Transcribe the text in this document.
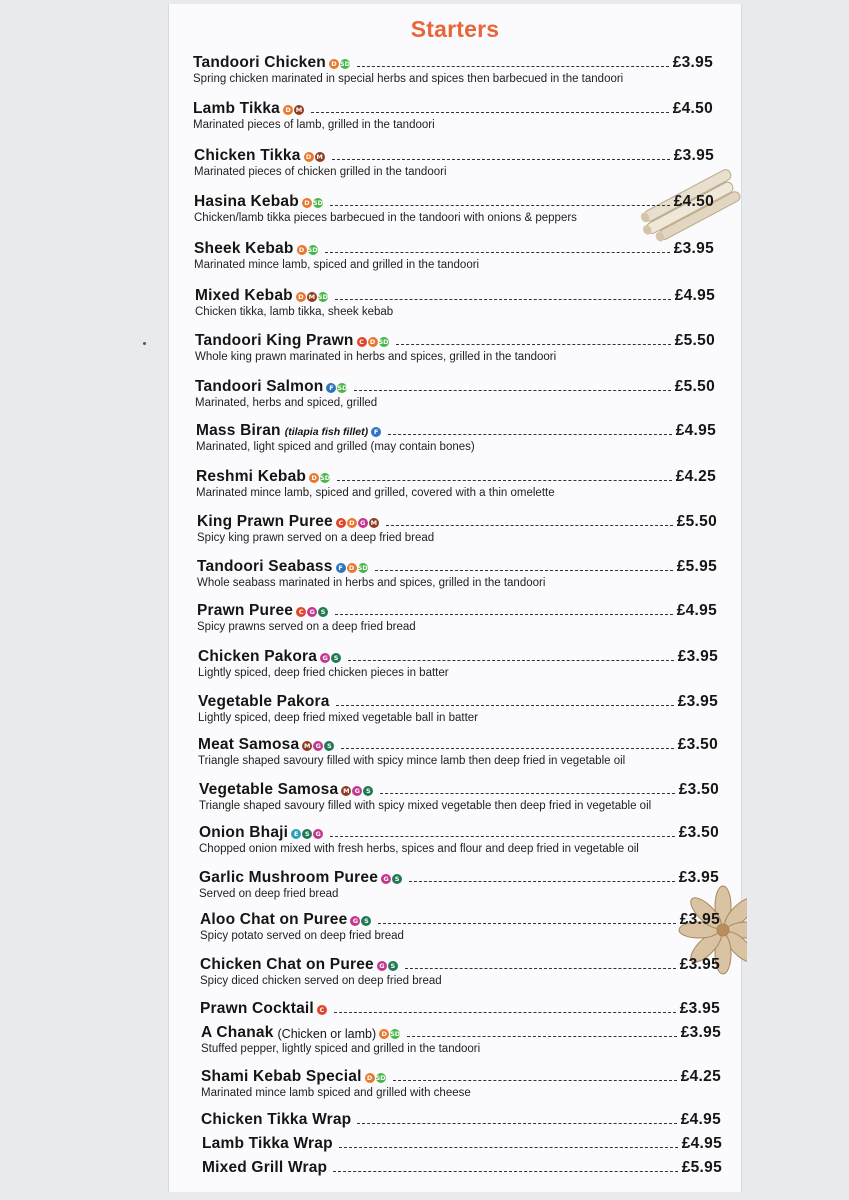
Starters
Tandoori Chicken D SD	£3.95
Spring chicken marinated in special herbs and spices then barbecued in the tandoori
Lamb Tikka D M	£4.50
Marinated pieces of lamb, grilled in the tandoori
Chicken Tikka D M	£3.95
Marinated pieces of chicken grilled in the tandoori
Hasina Kebab D SD	£4.50
Chicken/lamb tikka pieces barbecued in the tandoori with onions & peppers
Sheek Kebab D SD	£3.95
Marinated mince lamb, spiced and grilled in the tandoori
Mixed Kebab D M SD	£4.95
Chicken tikka, lamb tikka, sheek kebab
Tandoori King Prawn C D SD	£5.50
Whole king prawn marinated in herbs and spices, grilled in the tandoori
Tandoori Salmon F SD	£5.50
Marinated, herbs and spiced, grilled
Mass Biran (tilapia fish fillet) F	£4.95
Marinated, light spiced and grilled (may contain bones)
Reshmi Kebab D SD	£4.25
Marinated mince lamb, spiced and grilled, covered with a thin omelette
King Prawn Puree C D G M	£5.50
Spicy king prawn served on a deep fried bread
Tandoori Seabass F D SD	£5.95
Whole seabass marinated in herbs and spices, grilled in the tandoori
Prawn Puree C G S	£4.95
Spicy prawns served on a deep fried bread
Chicken Pakora G S	£3.95
Lightly spiced, deep fried chicken pieces in batter
Vegetable Pakora	£3.95
Lightly spiced, deep fried mixed vegetable ball in batter
Meat Samosa M G S	£3.50
Triangle shaped savoury filled with spicy mince lamb then deep fried in vegetable oil
Vegetable Samosa M G S	£3.50
Triangle shaped savoury filled with spicy mixed vegetable then deep fried in vegetable oil
Onion Bhaji E S G	£3.50
Chopped onion mixed with fresh herbs, spices and flour and deep fried in vegetable oil
Garlic Mushroom Puree G S	£3.95
Served on deep fried bread
Aloo Chat on Puree G S	£3.95
Spicy potato served on deep fried bread
Chicken Chat on Puree G S	£3.95
Spicy diced chicken served on deep fried bread
Prawn Cocktail C	£3.95
A Chanak (Chicken or lamb) D SD	£3.95
Stuffed pepper, lightly spiced and grilled in the tandoori
Shami Kebab Special D SD	£4.25
Marinated mince lamb spiced and grilled with cheese
Chicken Tikka Wrap	£4.95
Lamb Tikka Wrap	£4.95
Mixed Grill Wrap	£5.95
